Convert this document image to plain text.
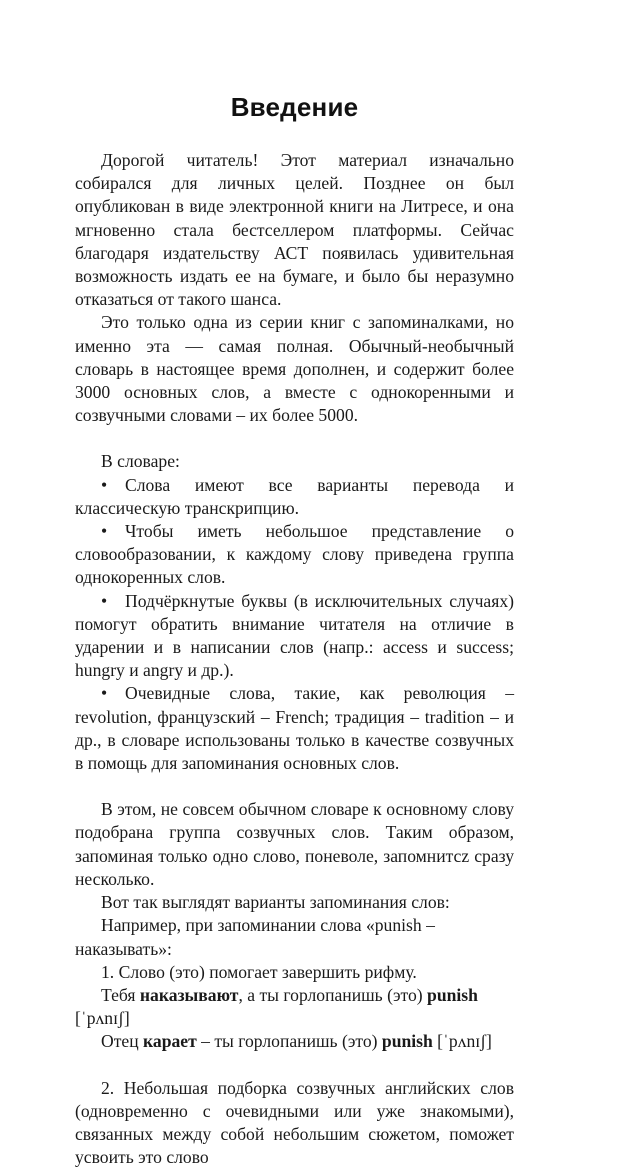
Введение

Дорогой читатель! Этот материал изначально собирался для личных целей. Позднее он был опубликован в виде электронной книги на Литресе, и она мгновенно стала бестселлером платформы. Сейчас благодаря издательству АСТ появилась удивительная возможность издать ее на бумаге, и было бы неразумно отказаться от такого шанса.

Это только одна из серии книг с запоминалками, но именно эта — самая полная. Обычный-необычный словарь в настоящее время дополнен, и содержит более 3000 основных слов, а вместе с однокоренными и созвучными словами – их более 5000.

В словаре:

• Слова имеют все варианты перевода и классическую транскрипцию.

• Чтобы иметь небольшое представление о словообразовании, к каждому слову приведена группа однокоренных слов.

• Подчёркнутые буквы (в исключительных случаях) помогут обратить внимание читателя на отличие в ударении и в написании слов (напр.: access и success; hungry и angry и др.).

• Очевидные слова, такие, как революция – revolution, французский – French; традиция – tradition – и др., в словаре использованы только в качестве созвучных в помощь для запоминания основных слов.

В этом, не совсем обычном словаре к основному слову подобрана группа созвучных слов. Таким образом, запоминая только одно слово, поневоле, запомнитсz сразу несколько.

Вот так выглядят варианты запоминания слов:

Например, при запоминании слова «punish – наказывать»:

1. Слово (это) помогает завершить рифму.

Тебя наказывают, а ты горлопанишь (это) punish [ˈpʌnɪʃ]

Отец карает – ты горлопанишь (это) punish [ˈpʌnɪʃ]

2. Небольшая подборка созвучных английских слов (одновременно с очевидными или уже знакомыми), связанных между собой небольшим сюжетом, поможет усвоить это слово
